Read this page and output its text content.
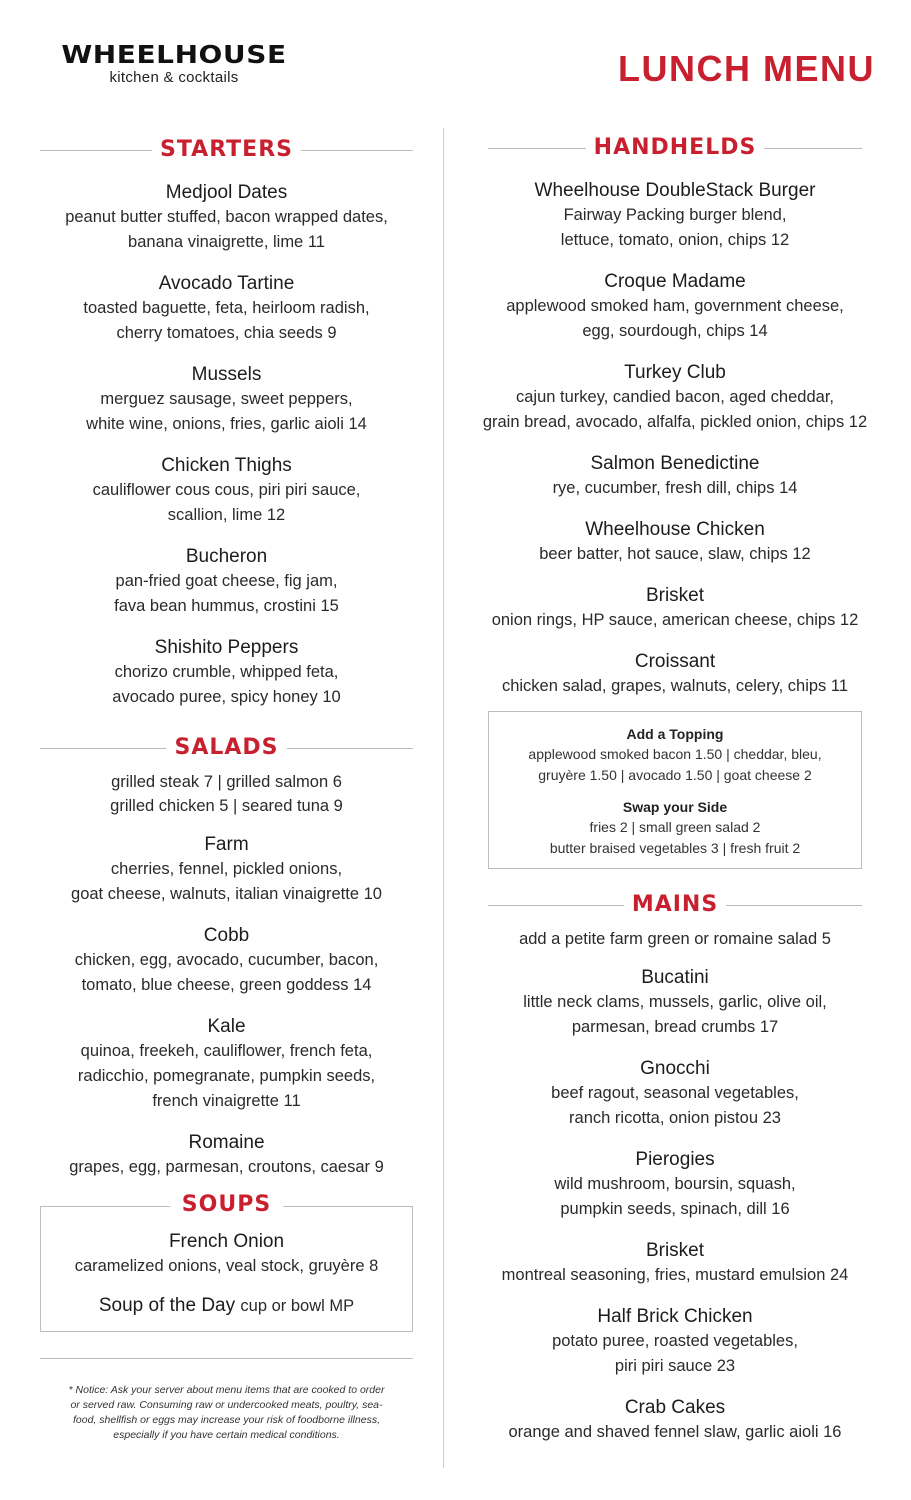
WHEELHOUSE
kitchen & cocktails	LUNCH MENU
STARTERS
Medjool Dates
peanut butter stuffed, bacon wrapped dates,
banana vinaigrette, lime 11
Avocado Tartine
toasted baguette, feta, heirloom radish,
cherry tomatoes, chia seeds 9
Mussels
merguez sausage, sweet peppers,
white wine, onions, fries, garlic aioli 14
Chicken Thighs
cauliflower cous cous, piri piri sauce,
scallion, lime 12
Bucheron
pan-fried goat cheese, fig jam,
fava bean hummus, crostini 15
Shishito Peppers
chorizo crumble, whipped feta,
avocado puree, spicy honey 10
SALADS
grilled steak 7 | grilled salmon 6
grilled chicken 5 | seared tuna 9
Farm
cherries, fennel, pickled onions,
goat cheese, walnuts, italian vinaigrette 10
Cobb
chicken, egg, avocado, cucumber, bacon,
tomato, blue cheese, green goddess 14
Kale
quinoa, freekeh, cauliflower, french feta,
radicchio, pomegranate, pumpkin seeds,
french vinaigrette 11
Romaine
grapes, egg, parmesan, croutons, caesar 9
SOUPS
French Onion
caramelized onions, veal stock, gruyère 8
Soup of the Day cup or bowl MP
* Notice: Ask your server about menu items that are cooked to order
or served raw. Consuming raw or undercooked meats, poultry, sea-
food, shellfish or eggs may increase your risk of foodborne illness,
especially if you have certain medical conditions.
HANDHELDS
Wheelhouse DoubleStack Burger
Fairway Packing burger blend,
lettuce, tomato, onion, chips 12
Croque Madame
applewood smoked ham, government cheese,
egg, sourdough, chips 14
Turkey Club
cajun turkey, candied bacon, aged cheddar,
grain bread, avocado, alfalfa, pickled onion, chips 12
Salmon Benedictine
rye, cucumber, fresh dill, chips 14
Wheelhouse Chicken
beer batter, hot sauce, slaw, chips 12
Brisket
onion rings, HP sauce, american cheese, chips 12
Croissant
chicken salad, grapes, walnuts, celery, chips 11
Add a Topping
applewood smoked bacon 1.50 | cheddar, bleu,
gruyère 1.50 | avocado 1.50 | goat cheese 2
Swap your Side
fries 2 | small green salad 2
butter braised vegetables 3 | fresh fruit 2
MAINS
add a petite farm green or romaine salad 5
Bucatini
little neck clams, mussels, garlic, olive oil,
parmesan, bread crumbs 17
Gnocchi
beef ragout, seasonal vegetables,
ranch ricotta, onion pistou 23
Pierogies
wild mushroom, boursin, squash,
pumpkin seeds, spinach, dill 16
Brisket
montreal seasoning, fries, mustard emulsion 24
Half Brick Chicken
potato puree, roasted vegetables,
piri piri sauce 23
Crab Cakes
orange and shaved fennel slaw, garlic aioli 16
